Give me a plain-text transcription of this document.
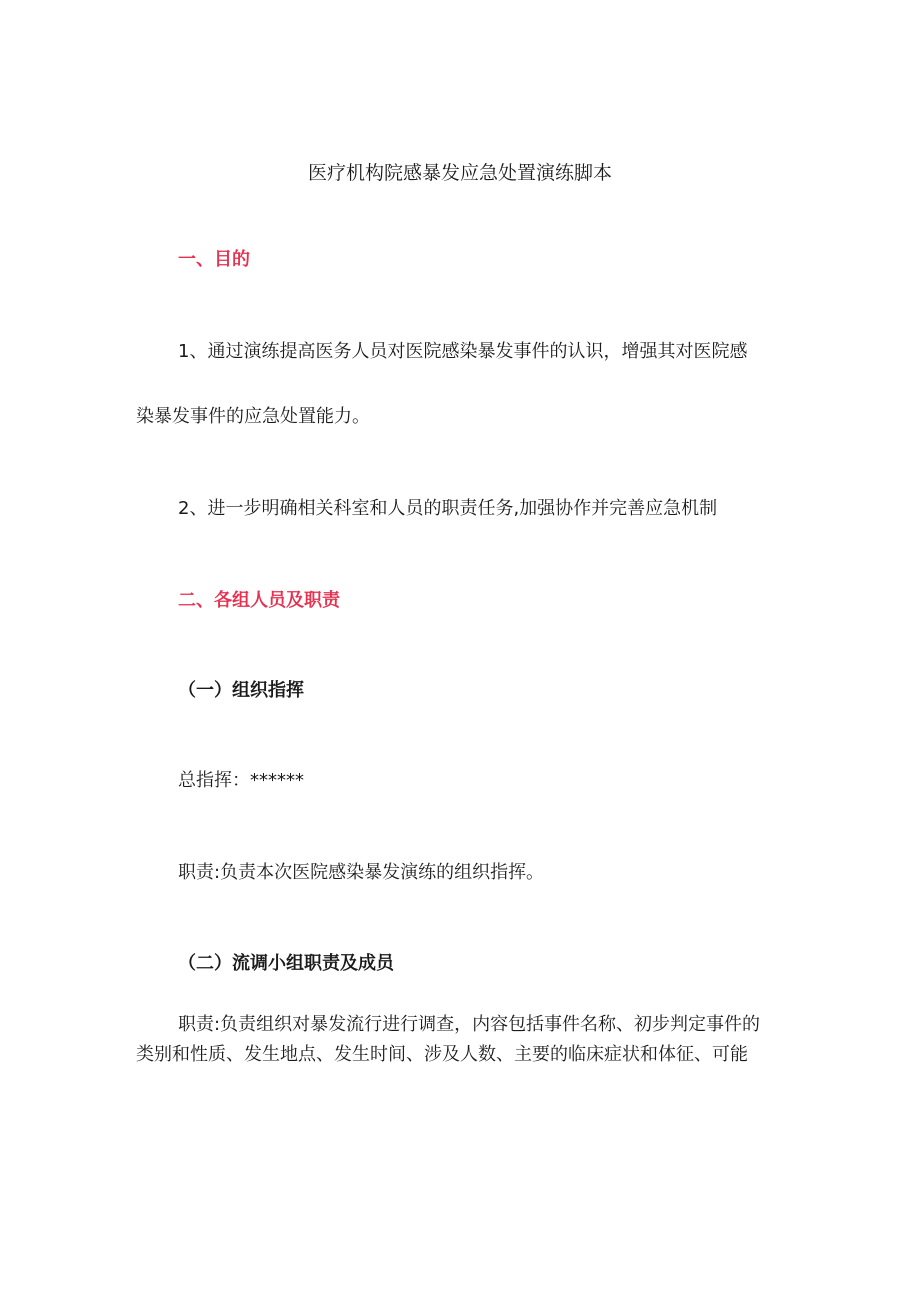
医疗机构院感暴发应急处置演练脚本
一、目的
1、通过演练提高医务人员对医院感染暴发事件的认识，增强其对医院感
染暴发事件的应急处置能力。
2、进一步明确相关科室和人员的职责任务,加强协作并完善应急机制
二、各组人员及职责
（一）组织指挥
总指挥：******
职责:负责本次医院感染暴发演练的组织指挥。
（二）流调小组职责及成员
职责:负责组织对暴发流行进行调查，内容包括事件名称、初步判定事件的
类别和性质、发生地点、发生时间、涉及人数、主要的临床症状和体征、可能
